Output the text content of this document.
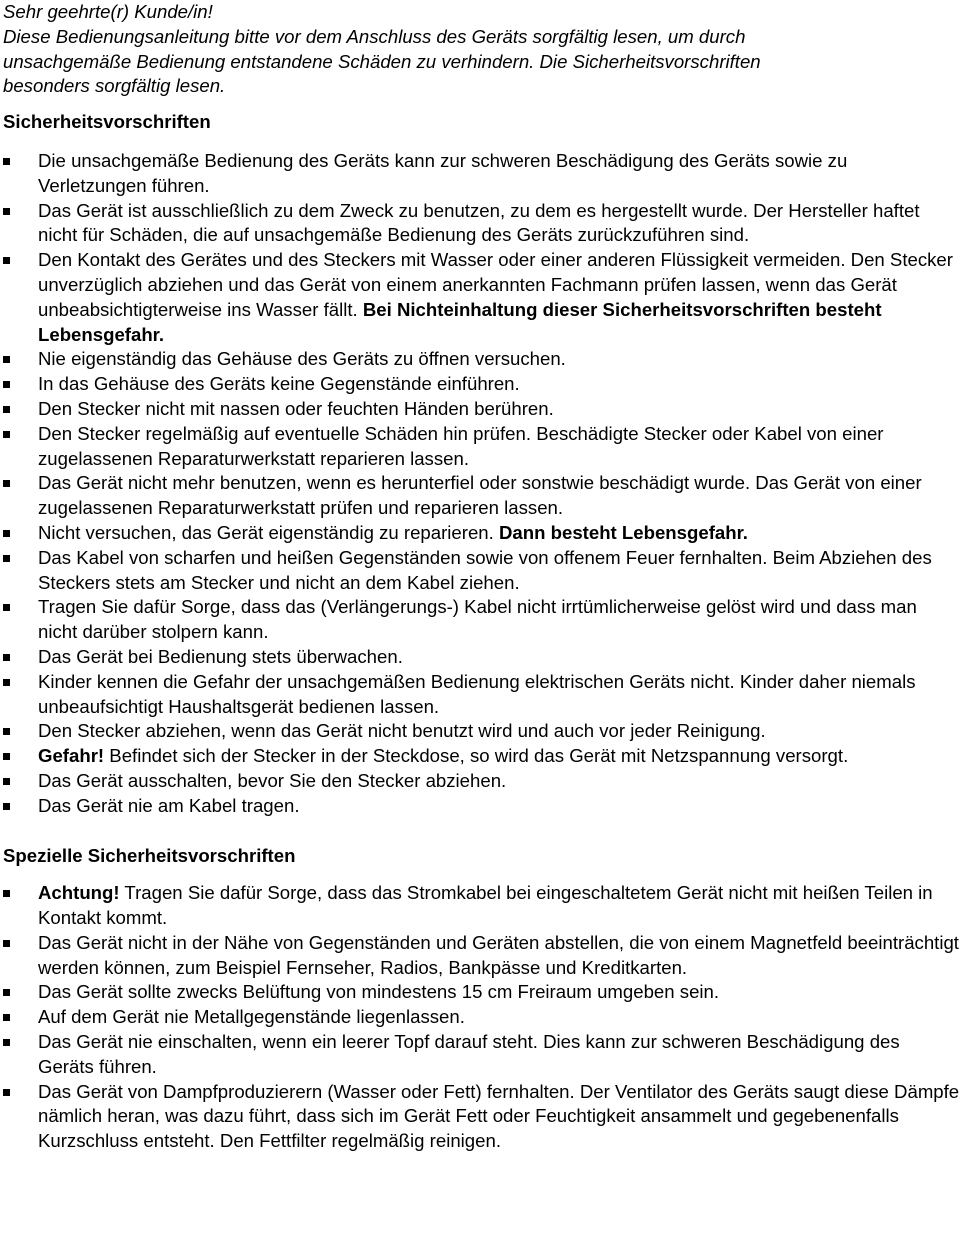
Sehr geehrte(r) Kunde/in!
Diese Bedienungsanleitung bitte vor dem Anschluss des Geräts sorgfältig lesen, um durch
unsachgemäße Bedienung entstandene Schäden zu verhindern. Die Sicherheitsvorschriften
besonders sorgfältig lesen.

Sicherheitsvorschriften
Die unsachgemäße Bedienung des Geräts kann zur schweren Beschädigung des Geräts sowie zu Verletzungen führen.
Das Gerät ist ausschließlich zu dem Zweck zu benutzen, zu dem es hergestellt wurde. Der Hersteller haftet nicht für Schäden, die auf unsachgemäße Bedienung des Geräts zurückzuführen sind.
Den Kontakt des Gerätes und des Steckers mit Wasser oder einer anderen Flüssigkeit vermeiden. Den Stecker unverzüglich abziehen und das Gerät von einem anerkannten Fachmann prüfen lassen, wenn das Gerät unbeabsichtigterweise ins Wasser fällt. Bei Nichteinhaltung dieser Sicherheitsvorschriften besteht Lebensgefahr.
Nie eigenständig das Gehäuse des Geräts zu öffnen versuchen.
In das Gehäuse des Geräts keine Gegenstände einführen.
Den Stecker nicht mit nassen oder feuchten Händen berühren.
Den Stecker regelmäßig auf eventuelle Schäden hin prüfen. Beschädigte Stecker oder Kabel von einer zugelassenen Reparaturwerkstatt reparieren lassen.
Das Gerät nicht mehr benutzen, wenn es herunterfiel oder sonstwie beschädigt wurde. Das Gerät von einer zugelassenen Reparaturwerkstatt prüfen und reparieren lassen.
Nicht versuchen, das Gerät eigenständig zu reparieren. Dann besteht Lebensgefahr.
Das Kabel von scharfen und heißen Gegenständen sowie von offenem Feuer fernhalten. Beim Abziehen des Steckers stets am Stecker und nicht an dem Kabel ziehen.
Tragen Sie dafür Sorge, dass das (Verlängerungs-) Kabel nicht irrtümlicherweise gelöst wird und dass man nicht darüber stolpern kann.
Das Gerät bei Bedienung stets überwachen.
Kinder kennen die Gefahr der unsachgemäßen Bedienung elektrischen Geräts nicht. Kinder daher niemals unbeaufsichtigt Haushaltsgerät bedienen lassen.
Den Stecker abziehen, wenn das Gerät nicht benutzt wird und auch vor jeder Reinigung.
Gefahr! Befindet sich der Stecker in der Steckdose, so wird das Gerät mit Netzspannung versorgt.
Das Gerät ausschalten, bevor Sie den Stecker abziehen.
Das Gerät nie am Kabel tragen.
Spezielle Sicherheitsvorschriften
Achtung! Tragen Sie dafür Sorge, dass das Stromkabel bei eingeschaltetem Gerät nicht mit heißen Teilen in Kontakt kommt.
Das Gerät nicht in der Nähe von Gegenständen und Geräten abstellen, die von einem Magnetfeld beeinträchtigt werden können, zum Beispiel Fernseher, Radios, Bankpässe und Kreditkarten.
Das Gerät sollte zwecks Belüftung von mindestens 15 cm Freiraum umgeben sein.
Auf dem Gerät nie Metallgegenstände liegenlassen.
Das Gerät nie einschalten, wenn ein leerer Topf darauf steht. Dies kann zur schweren Beschädigung des Geräts führen.
Das Gerät von Dampfproduzierern (Wasser oder Fett) fernhalten. Der Ventilator des Geräts saugt diese Dämpfe nämlich heran, was dazu führt, dass sich im Gerät Fett oder Feuchtigkeit ansammelt und gegebenenfalls Kurzschluss entsteht. Den Fettfilter regelmäßig reinigen.
